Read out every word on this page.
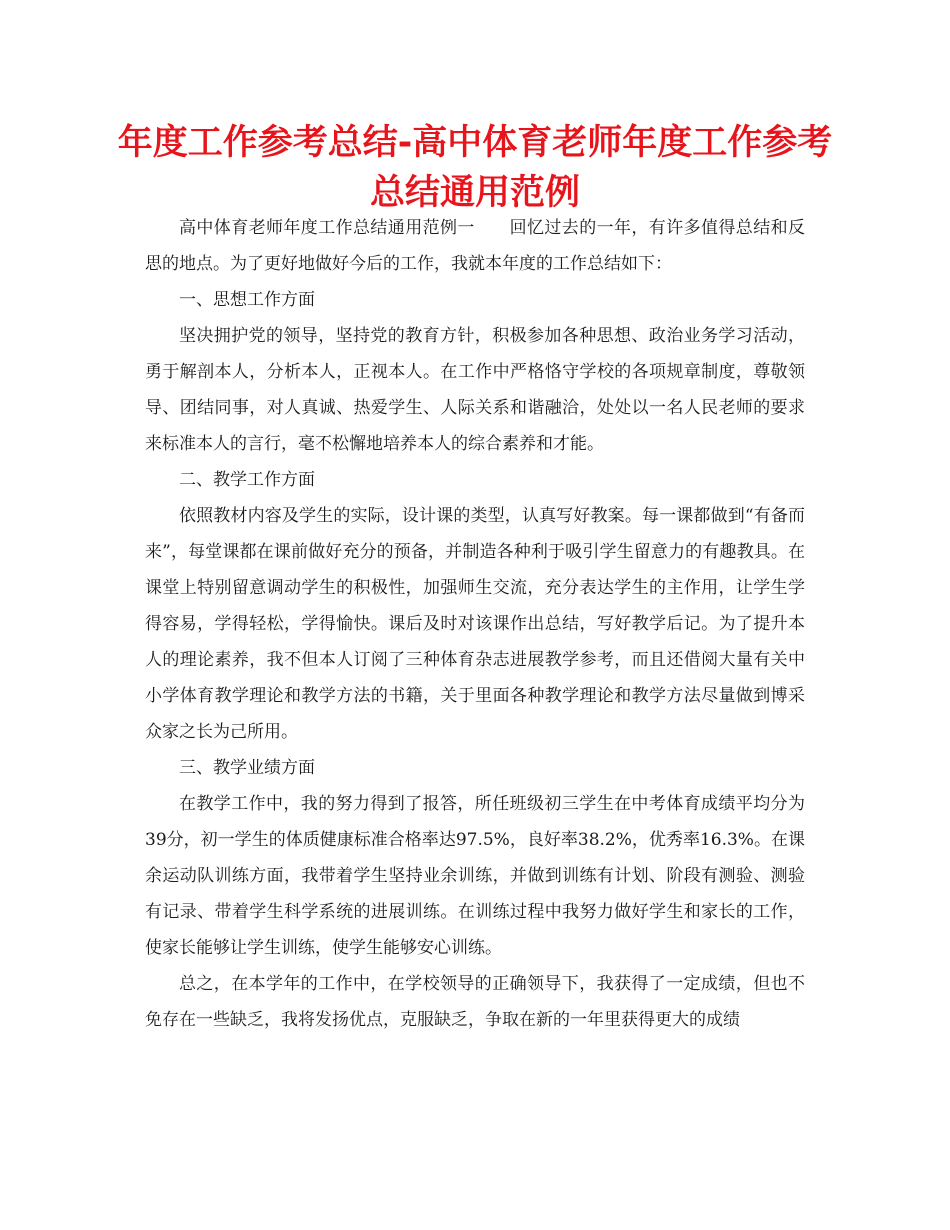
年度工作参考总结-高中体育老师年度工作参考总结通用范例

高中体育老师年度工作总结通用范例一　　回忆过去的一年，有许多值得总结和反思的地点。为了更好地做好今后的工作，我就本年度的工作总结如下：

一、思想工作方面

坚决拥护党的领导，坚持党的教育方针，积极参加各种思想、政治业务学习活动，勇于解剖本人，分析本人，正视本人。在工作中严格恪守学校的各项规章制度，尊敬领导、团结同事，对人真诚、热爱学生、人际关系和谐融洽，处处以一名人民老师的要求来标准本人的言行，毫不松懈地培养本人的综合素养和才能。

二、教学工作方面

依照教材内容及学生的实际，设计课的类型，认真写好教案。每一课都做到“有备而来”，每堂课都在课前做好充分的预备，并制造各种利于吸引学生留意力的有趣教具。在课堂上特别留意调动学生的积极性，加强师生交流，充分表达学生的主作用，让学生学得容易，学得轻松，学得愉快。课后及时对该课作出总结，写好教学后记。为了提升本人的理论素养，我不但本人订阅了三种体育杂志进展教学参考，而且还借阅大量有关中小学体育教学理论和教学方法的书籍，关于里面各种教学理论和教学方法尽量做到博采众家之长为己所用。

三、教学业绩方面

在教学工作中，我的努力得到了报答，所任班级初三学生在中考体育成绩平均分为39分，初一学生的体质健康标准合格率达97.5%，良好率38.2%，优秀率16.3%。在课余运动队训练方面，我带着学生坚持业余训练，并做到训练有计划、阶段有测验、测验有记录、带着学生科学系统的进展训练。在训练过程中我努力做好学生和家长的工作，使家长能够让学生训练，使学生能够安心训练。

总之，在本学年的工作中，在学校领导的正确领导下，我获得了一定成绩，但也不免存在一些缺乏，我将发扬优点，克服缺乏，争取在新的一年里获得更大的成绩
